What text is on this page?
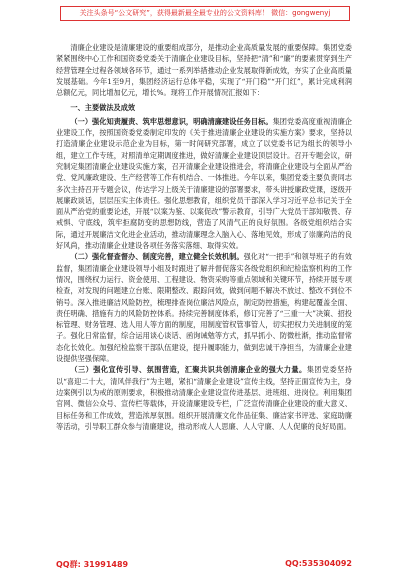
关注头条号“公文研究”，获得最新最全最专业的公文资料库！ 微信：gongwenyj

清廉企业建设是清廉建设的重要组成部分，是推动企业高质量发展的重要保障。集团党委紧紧围绕中心工作和国资委党委关于清廉企业建设目标，坚持把“清”和“廉”的要素贯穿到生产经营管理全过程各领域各环节，通过一系列举措推动企业发展取得新成效，夯实了企业高质量发展基础。今年1至9月，集团经济运行总体平稳，实现了“开门稳”“开门红”，累计完成利润总额亿元，同比增加亿元，增长%。现将工作开展情况汇报如下：

一、主要做法及成效

（一）强化知责履责、筑牢思想意识，明确清廉建设任务目标。集团党委高度重视清廉企业建设工作，按照国资委党委制定印发的《关于推进清廉企业建设的实施方案》要求，坚持以打造清廉企业建设示范企业为目标，第一时间研究部署，成立了以党委书记为组长的领导小组，建立工作专班，对照清单定期调度推进，做好清廉企业建设顶层设计。召开专题会议，研究制定集团清廉企业建设实施方案，召开清廉企业建设推进会，将清廉企业建设与全面从严治党、党风廉政建设、生产经营等工作有机结合、一体推进。今年以来，集团党委主要负责同志多次主持召开专题会议，传达学习上级关于清廉建设的部署要求，带头讲授廉政党课，逐级开展廉政谈话，层层压实主体责任。强化思想教育，组织党员干部深入学习习近平总书记关于全面从严治党的重要论述，开展“以案为鉴、以案促改”警示教育，引导广大党员干部知敬畏、存戒惧、守底线，筑牢拒腐防变的思想防线，营造了风清气正的良好氛围。各级党组织结合实际，通过开展廉洁文化进企业活动，推动清廉理念入脑入心、落地见效，形成了崇廉尚洁的良好风尚，推动清廉企业建设各项任务落实落细、取得实效。

（二）强化督查督办、制度完善，建立健全长效机制。强化对“一把手”和领导班子的有效监督，集团清廉企业建设领导小组及时跟进了解并督促落实各级党组织和纪检监察机构的工作情况，围绕权力运行、资金使用、工程建设、物资采购等重点领域和关键环节，持续开展专项检查，对发现的问题建立台账、限期整改、跟踪问效，做到问题不解决不放过、整改不到位不销号。深入推进廉洁风险防控，梳理排查岗位廉洁风险点，制定防控措施，构建起覆盖全面、责任明确、措施有力的风险防控体系。持续完善制度体系，修订完善了“三重一大”决策、招投标管理、财务管理、选人用人等方面的制度，用制度管权管事管人，切实把权力关进制度的笼子。强化日常监督，综合运用谈心谈话、函询诫勉等方式，抓早抓小、防微杜渐，推动监督常态化长效化。加强纪检监察干部队伍建设，提升履职能力，做到忠诚干净担当，为清廉企业建设提供坚强保障。

（三）强化宣传引导、氛围营造，汇聚共识共创清廉企业的强大力量。集团党委坚持以“喜迎二十大，清风伴我行”为主题，紧扣“清廉企业建设”宣传主线，坚持正面宣传为主，身边案例引以为戒的原则要求，积极推动清廉企业建设宣传进基层、进班组、进岗位。利用集团官网、微信公众号、宣传栏等载体，开设清廉建设专栏，广泛宣传清廉企业建设的重大意义、目标任务和工作成效，营造浓厚氛围。组织开展清廉文化作品征集、廉洁家书评选、家庭助廉等活动，引导职工群众参与清廉建设，推动形成人人思廉、人人守廉、人人促廉的良好局面。

QQ群: 31991489	QQ:535304092
